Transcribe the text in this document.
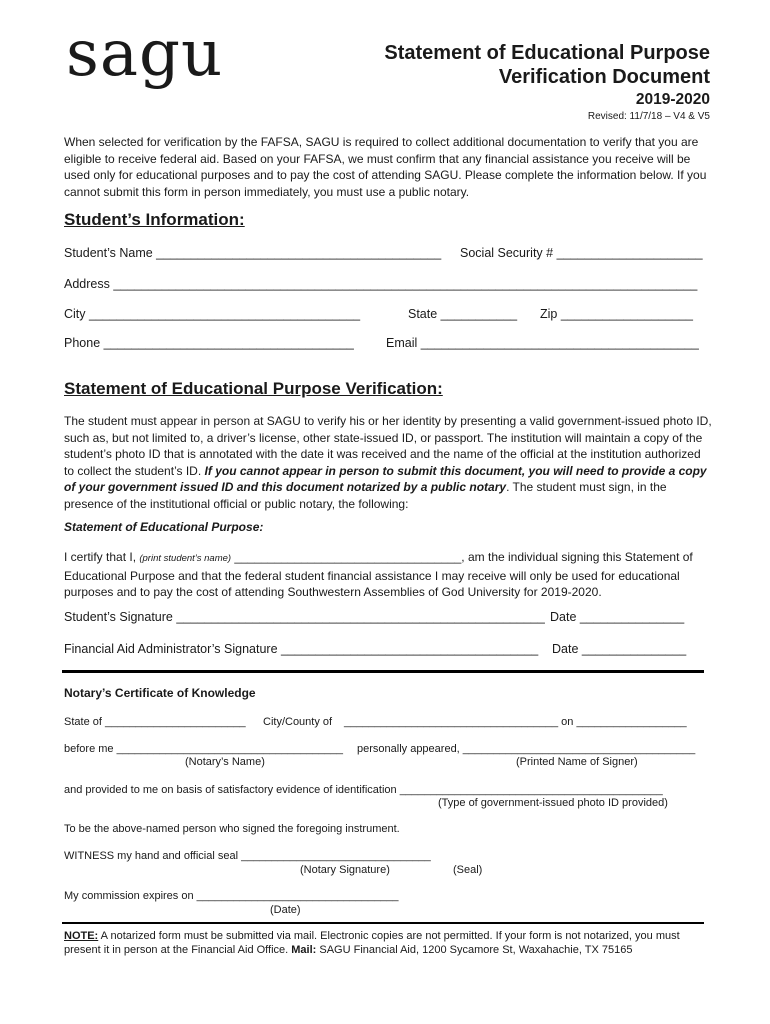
sagu	Statement of Educational Purpose
Verification Document
2019-2020
Revised: 11/7/18 – V4 & V5
When selected for verification by the FAFSA, SAGU is required to collect additional documentation to verify that you are eligible to receive federal aid. Based on your FAFSA, we must confirm that any financial assistance you receive will be used only for educational purposes and to pay the cost of attending SAGU. Please complete the information below. If you cannot submit this form in person immediately, you must use a public notary.
Student’s Information:
Student’s Name _________________________________________ Social Security # _____________________
Address ____________________________________________________________________________________
City _______________________________________	State ___________ Zip ___________________
Phone ____________________________________	Email ________________________________________
Statement of Educational Purpose Verification:
The student must appear in person at SAGU to verify his or her identity by presenting a valid government-issued photo ID, such as, but not limited to, a driver’s license, other state-issued ID, or passport. The institution will maintain a copy of the student’s photo ID that is annotated with the date it was received and the name of the official at the institution authorized to collect the student’s ID. If you cannot appear in person to submit this document, you will need to provide a copy of your government issued ID and this document notarized by a public notary. The student must sign, in the presence of the institutional official or public notary, the following:
Statement of Educational Purpose:
I certify that I, (print student’s name) __________________________________, am the individual signing this Statement of Educational Purpose and that the federal student financial assistance I may receive will only be used for educational purposes and to pay the cost of attending Southwestern Assemblies of God University for 2019-2020.
Student’s Signature _____________________________________________________ Date _______________
Financial Aid Administrator’s Signature _____________________________________ Date _______________
Notary’s Certificate of Knowledge
State of _______________________ City/County of ___________________________________ on __________________
before me _____________________________________ personally appeared, ______________________________________
(Notary’s Name)	(Printed Name of Signer)
and provided to me on basis of satisfactory evidence of identification ___________________________________________
(Type of government-issued photo ID provided)
To be the above-named person who signed the foregoing instrument.
WITNESS my hand and official seal _______________________________
(Notary Signature)	(Seal)
My commission expires on _________________________________
(Date)
NOTE: A notarized form must be submitted via mail. Electronic copies are not permitted. If your form is not notarized, you must
present it in person at the Financial Aid Office. Mail: SAGU Financial Aid, 1200 Sycamore St, Waxahachie, TX 75165
